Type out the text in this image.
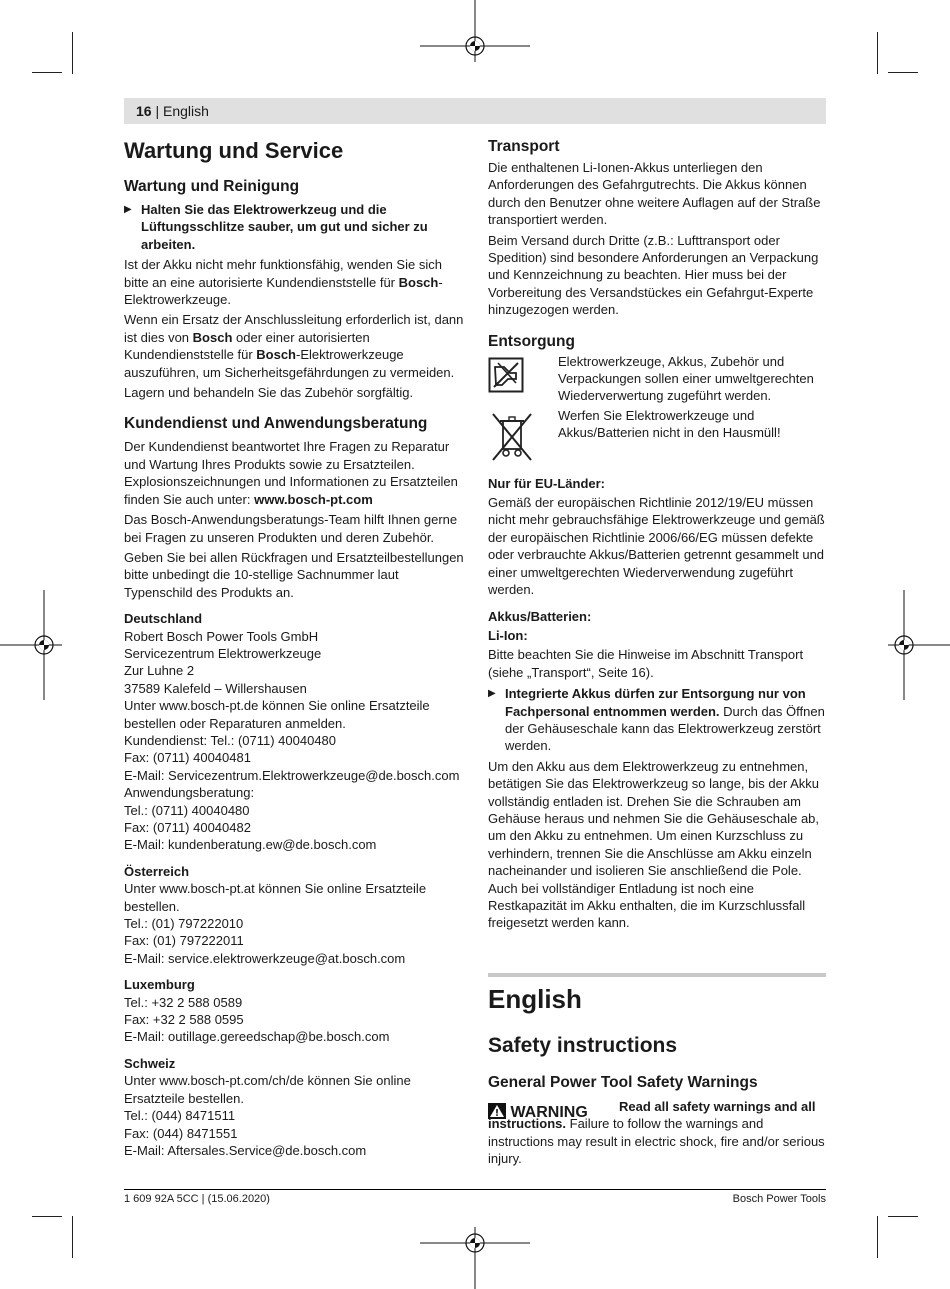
16 | English
Wartung und Service
Wartung und Reinigung
▶ Halten Sie das Elektrowerkzeug und die Lüftungsschlitze sauber, um gut und sicher zu arbeiten.

Ist der Akku nicht mehr funktionsfähig, wenden Sie sich bitte an eine autorisierte Kundendienststelle für Bosch-Elektrowerkzeuge.

Wenn ein Ersatz der Anschlussleitung erforderlich ist, dann ist dies von Bosch oder einer autorisierten Kundendienststelle für Bosch-Elektrowerkzeuge auszuführen, um Sicherheitsgefährdungen zu vermeiden.

Lagern und behandeln Sie das Zubehör sorgfältig.

Kundendienst und Anwendungsberatung

Der Kundendienst beantwortet Ihre Fragen zu Reparatur und Wartung Ihres Produkts sowie zu Ersatzteilen. Explosionszeichnungen und Informationen zu Ersatzteilen finden Sie auch unter: www.bosch-pt.com

Das Bosch-Anwendungsberatungs-Team hilft Ihnen gerne bei Fragen zu unseren Produkten und deren Zubehör.

Geben Sie bei allen Rückfragen und Ersatzteilbestellungen bitte unbedingt die 10-stellige Sachnummer laut Typenschild des Produkts an.

Deutschland

Robert Bosch Power Tools GmbH

Servicezentrum Elektrowerkzeuge

Zur Luhne 2

37589 Kalefeld – Willershausen

Unter www.bosch-pt.de können Sie online Ersatzteile bestellen oder Reparaturen anmelden.

Kundendienst: Tel.: (0711) 40040480

Fax: (0711) 40040481

E-Mail: Servicezentrum.Elektrowerkzeuge@de.bosch.com

Anwendungsberatung:

Tel.: (0711) 40040480

Fax: (0711) 40040482

E-Mail: kundenberatung.ew@de.bosch.com

Österreich

Unter www.bosch-pt.at können Sie online Ersatzteile bestellen.

Tel.: (01) 797222010

Fax: (01) 797222011

E-Mail: service.elektrowerkzeuge@at.bosch.com

Luxemburg

Tel.: +32 2 588 0589

Fax: +32 2 588 0595

E-Mail: outillage.gereedschap@be.bosch.com

Schweiz

Unter www.bosch-pt.com/ch/de können Sie online Ersatzteile bestellen.

Tel.: (044) 8471511

Fax: (044) 8471551

E-Mail: Aftersales.Service@de.bosch.com

Transport

Die enthaltenen Li-Ionen-Akkus unterliegen den Anforderungen des Gefahrgutrechts. Die Akkus können durch den Benutzer ohne weitere Auflagen auf der Straße transportiert werden.

Beim Versand durch Dritte (z.B.: Lufttransport oder Spedition) sind besondere Anforderungen an Verpackung und Kennzeichnung zu beachten. Hier muss bei der Vorbereitung des Versandstückes ein Gefahrgut-Experte hinzugezogen werden.

Entsorgung

Elektrowerkzeuge, Akkus, Zubehör und Verpackungen sollen einer umweltgerechten Wiederverwertung zugeführt werden.

Werfen Sie Elektrowerkzeuge und Akkus/Batterien nicht in den Hausmüll!

Nur für EU-Länder:

Gemäß der europäischen Richtlinie 2012/19/EU müssen nicht mehr gebrauchsfähige Elektrowerkzeuge und gemäß der europäischen Richtlinie 2006/66/EG müssen defekte oder verbrauchte Akkus/Batterien getrennt gesammelt und einer umweltgerechten Wiederverwendung zugeführt werden.

Akkus/Batterien:
Li-Ion:

Bitte beachten Sie die Hinweise im Abschnitt Transport (siehe „Transport“, Seite 16).

▶ Integrierte Akkus dürfen zur Entsorgung nur von Fachpersonal entnommen werden. Durch das Öffnen der Gehäuseschale kann das Elektrowerkzeug zerstört werden.

Um den Akku aus dem Elektrowerkzeug zu entnehmen, betätigen Sie das Elektrowerkzeug so lange, bis der Akku vollständig entladen ist. Drehen Sie die Schrauben am Gehäuse heraus und nehmen Sie die Gehäuseschale ab, um den Akku zu entnehmen. Um einen Kurzschluss zu verhindern, trennen Sie die Anschlüsse am Akku einzeln nacheinander und isolieren Sie anschließend die Pole. Auch bei vollständiger Entladung ist noch eine Restkapazität im Akku enthalten, die im Kurzschlussfall freigesetzt werden kann.

English
Safety instructions
General Power Tool Safety Warnings
WARNING	Read all safety warnings and all instructions. Failure to follow the warnings and instructions may result in electric shock, fire and/or serious injury.

1 609 92A 5CC | (15.06.2020)	Bosch Power Tools
